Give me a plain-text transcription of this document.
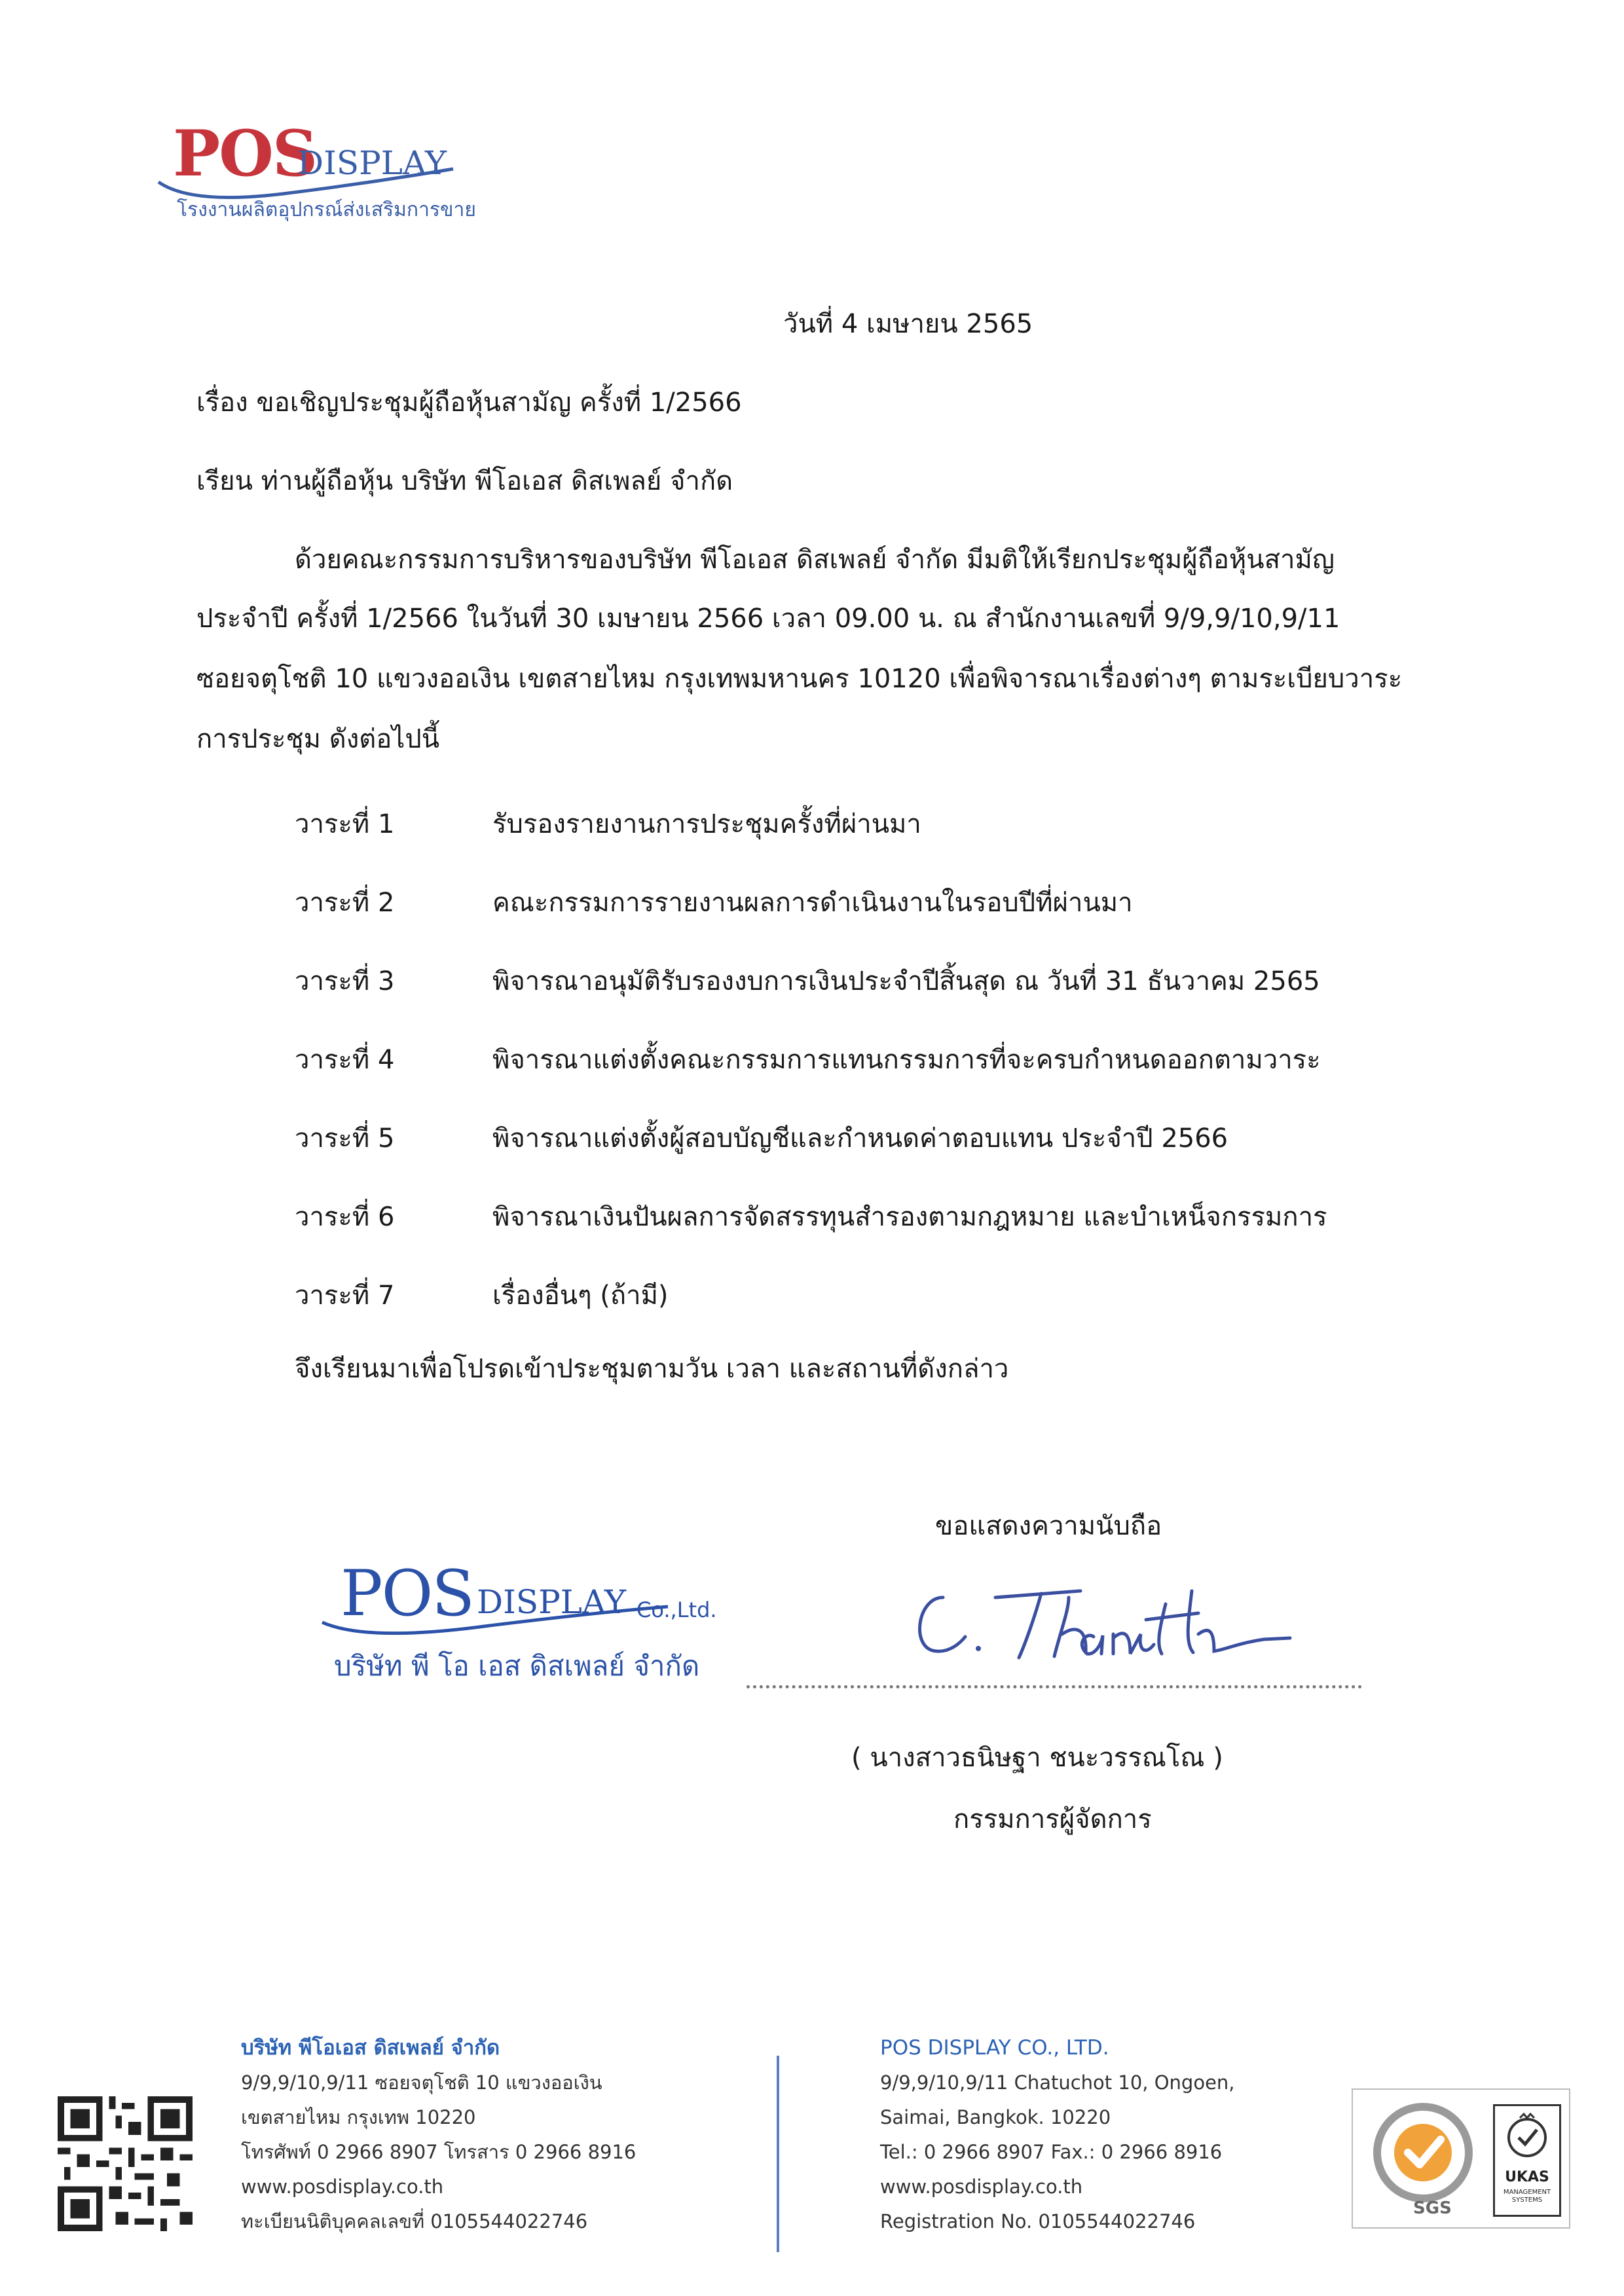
POS
DISPLAY
โรงงานผลิตอุปกรณ์ส่งเสริมการขาย
วันที่ 4 เมษายน 2565
เรื่อง ขอเชิญประชุมผู้ถือหุ้นสามัญ ครั้งที่ 1/2566
เรียน ท่านผู้ถือหุ้น บริษัท พีโอเอส ดิสเพลย์ จำกัด
ด้วยคณะกรรมการบริหารของบริษัท พีโอเอส ดิสเพลย์ จำกัด มีมติให้เรียกประชุมผู้ถือหุ้นสามัญ
ประจำปี ครั้งที่ 1/2566 ในวันที่ 30 เมษายน 2566 เวลา 09.00 น. ณ สำนักงานเลขที่ 9/9,9/10,9/11
ซอยจตุโชติ 10 แขวงออเงิน เขตสายไหม กรุงเทพมหานคร 10120 เพื่อพิจารณาเรื่องต่างๆ ตามระเบียบวาระ
การประชุม ดังต่อไปนี้
วาระที่ 1	รับรองรายงานการประชุมครั้งที่ผ่านมา
วาระที่ 2	คณะกรรมการรายงานผลการดำเนินงานในรอบปีที่ผ่านมา
วาระที่ 3	พิจารณาอนุมัติรับรองงบการเงินประจำปีสิ้นสุด ณ วันที่ 31 ธันวาคม 2565
วาระที่ 4	พิจารณาแต่งตั้งคณะกรรมการแทนกรรมการที่จะครบกำหนดออกตามวาระ
วาระที่ 5	พิจารณาแต่งตั้งผู้สอบบัญชีและกำหนดค่าตอบแทน ประจำปี 2566
วาระที่ 6	พิจารณาเงินปันผลการจัดสรรทุนสำรองตามกฎหมาย และบำเหน็จกรรมการ
วาระที่ 7	เรื่องอื่นๆ (ถ้ามี)
จึงเรียนมาเพื่อโปรดเข้าประชุมตามวัน เวลา และสถานที่ดังกล่าว
ขอแสดงความนับถือ
POS DISPLAY Co.,Ltd.
บริษัท พี โอ เอส ดิสเพลย์ จำกัด
( นางสาวธนิษฐา ชนะวรรณโณ )
กรรมการผู้จัดการ
บริษัท พีโอเอส ดิสเพลย์ จำกัด
9/9,9/10,9/11 ซอยจตุโชติ 10 แขวงออเงิน
เขตสายไหม กรุงเทพ 10220
โทรศัพท์ 0 2966 8907 โทรสาร 0 2966 8916
www.posdisplay.co.th
ทะเบียนนิติบุคคลเลขที่ 0105544022746
POS DISPLAY CO., LTD.
9/9,9/10,9/11 Chatuchot 10, Ongoen,
Saimai, Bangkok. 10220
Tel.: 0 2966 8907 Fax.: 0 2966 8916
www.posdisplay.co.th
Registration No. 0105544022746
SGS
UKAS
MANAGEMENT SYSTEMS
